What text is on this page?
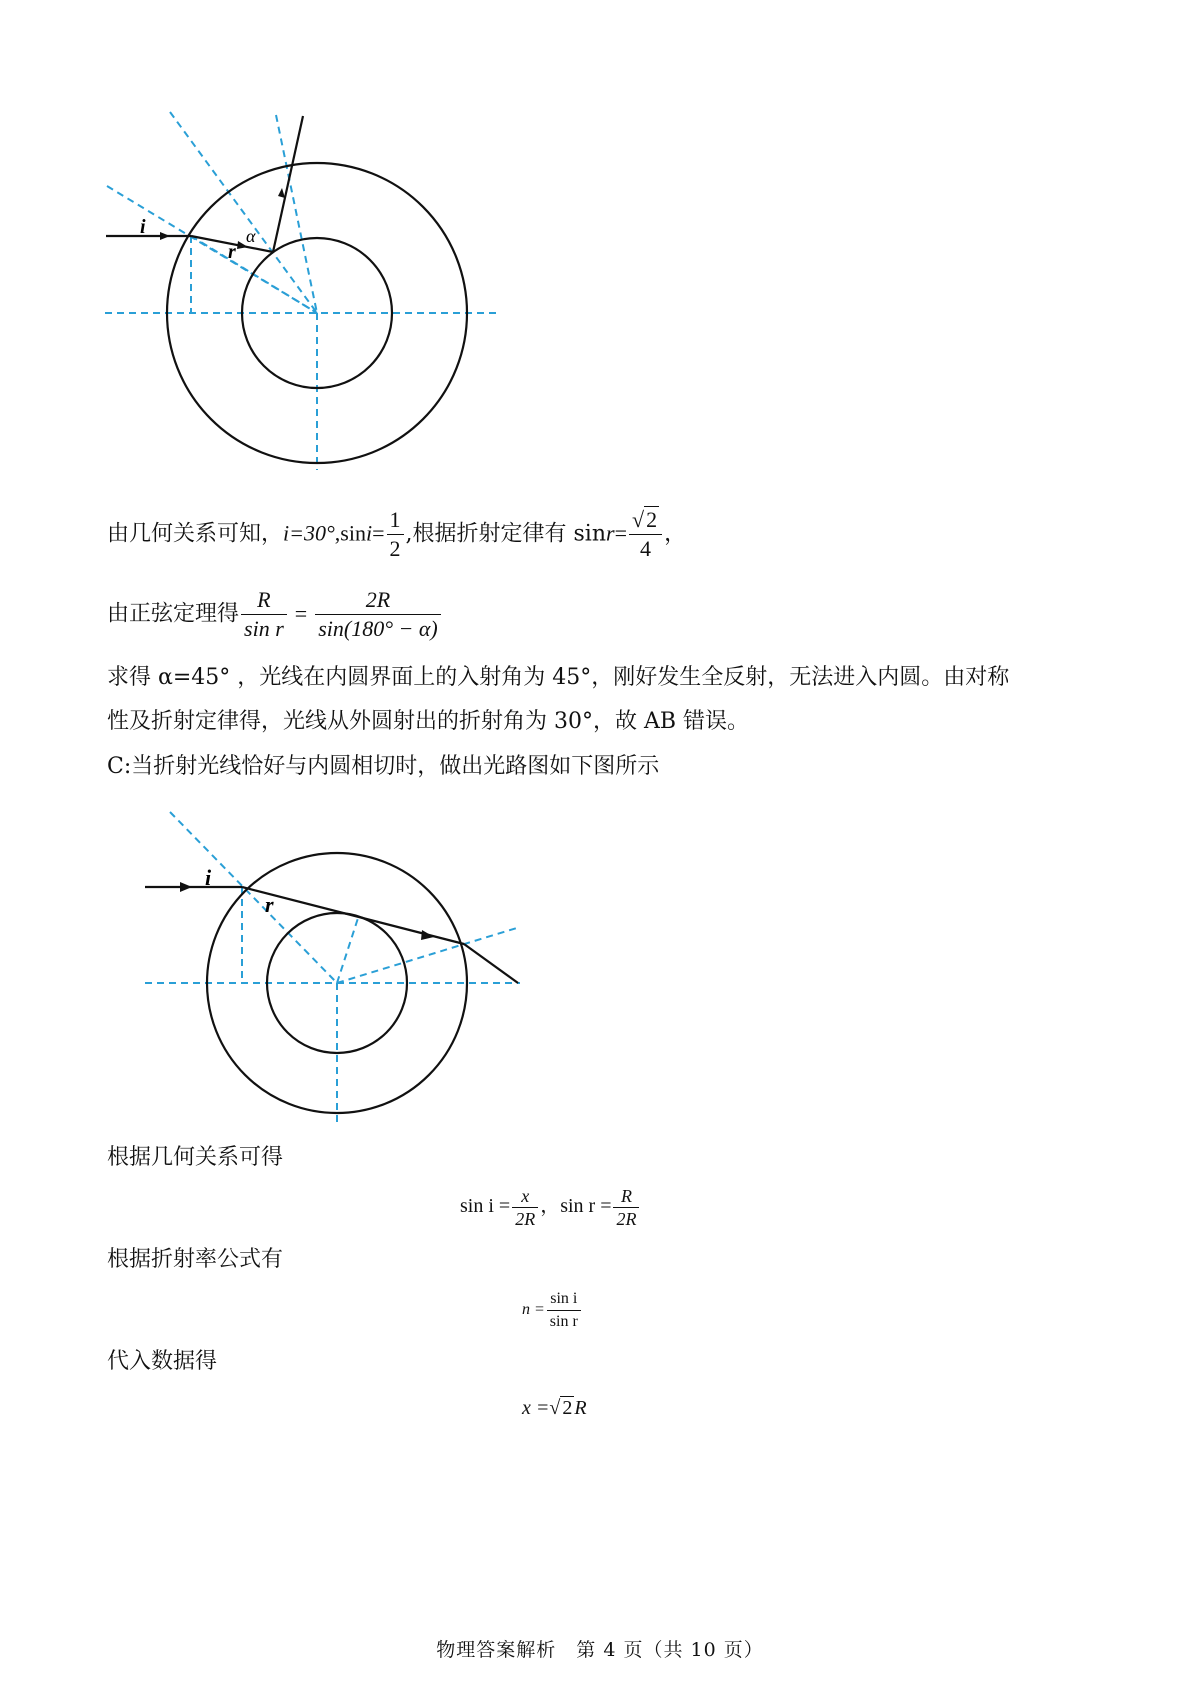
i
r
α
由几何关系可知，$i=30^\circ,\sin i= \frac{1}{2}$ ,根据折射定律有 $\sin r= \frac{√2}{4}$ ，
由正弦定理得 $\frac{R}{\text{sin r}} = \frac{2R}{\sin(180^\circ - \alpha)}$
求得 α=45° ，光线在内圆界面上的入射角为 45°，刚好发生全反射，无法进入内圆。由对称
性及折射定律得，光线从外圆射出的折射角为 30°，故 AB 错误。
C:当折射光线恰好与内圆相切时，做出光路图如下图所示
i
r
根据几何关系可得
$\sin i = \frac{x}{2R}$ ，$\sin r = \frac{R}{2R}$
根据折射率公式有
$n = \frac{\text{sin i}}{\text{sin r}}$
代入数据得
x =√ 2 R
物理答案解析　第 4 页（共 10 页）
